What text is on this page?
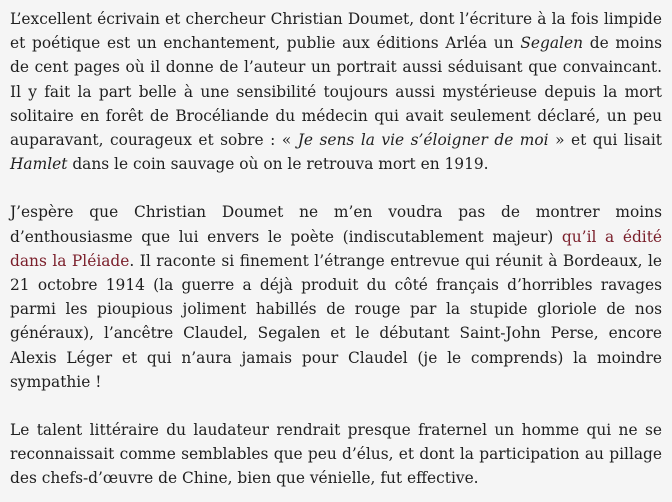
L’excellent écrivain et chercheur Christian Doumet, dont l’écriture à la fois limpide et poétique est un enchantement, publie aux éditions Arléa un Segalen de moins de cent pages où il donne de l’auteur un portrait aussi séduisant que convaincant. Il y fait la part belle à une sensibilité toujours aussi mystérieuse depuis la mort solitaire en forêt de Brocéliande du médecin qui avait seulement déclaré, un peu auparavant, courageux et sobre : « Je sens la vie s’éloigner de moi » et qui lisait Hamlet dans le coin sauvage où on le retrouva mort en 1919.

J’espère que Christian Doumet ne m’en voudra pas de montrer moins d’enthousiasme que lui envers le poète (indiscutablement majeur) qu’il a édité dans la Pléiade. Il raconte si finement l’étrange entrevue qui réunit à Bordeaux, le 21 octobre 1914 (la guerre a déjà produit du côté français d’horribles ravages parmi les pioupious joliment habillés de rouge par la stupide gloriole de nos généraux), l’ancêtre Claudel, Segalen et le débutant Saint-John Perse, encore Alexis Léger et qui n’aura jamais pour Claudel (je le comprends) la moindre sympathie !

Le talent littéraire du laudateur rendrait presque fraternel un homme qui ne se reconnaissait comme semblables que peu d’élus, et dont la participation au pillage des chefs-d’œuvre de Chine, bien que vénielle, fut effective.
